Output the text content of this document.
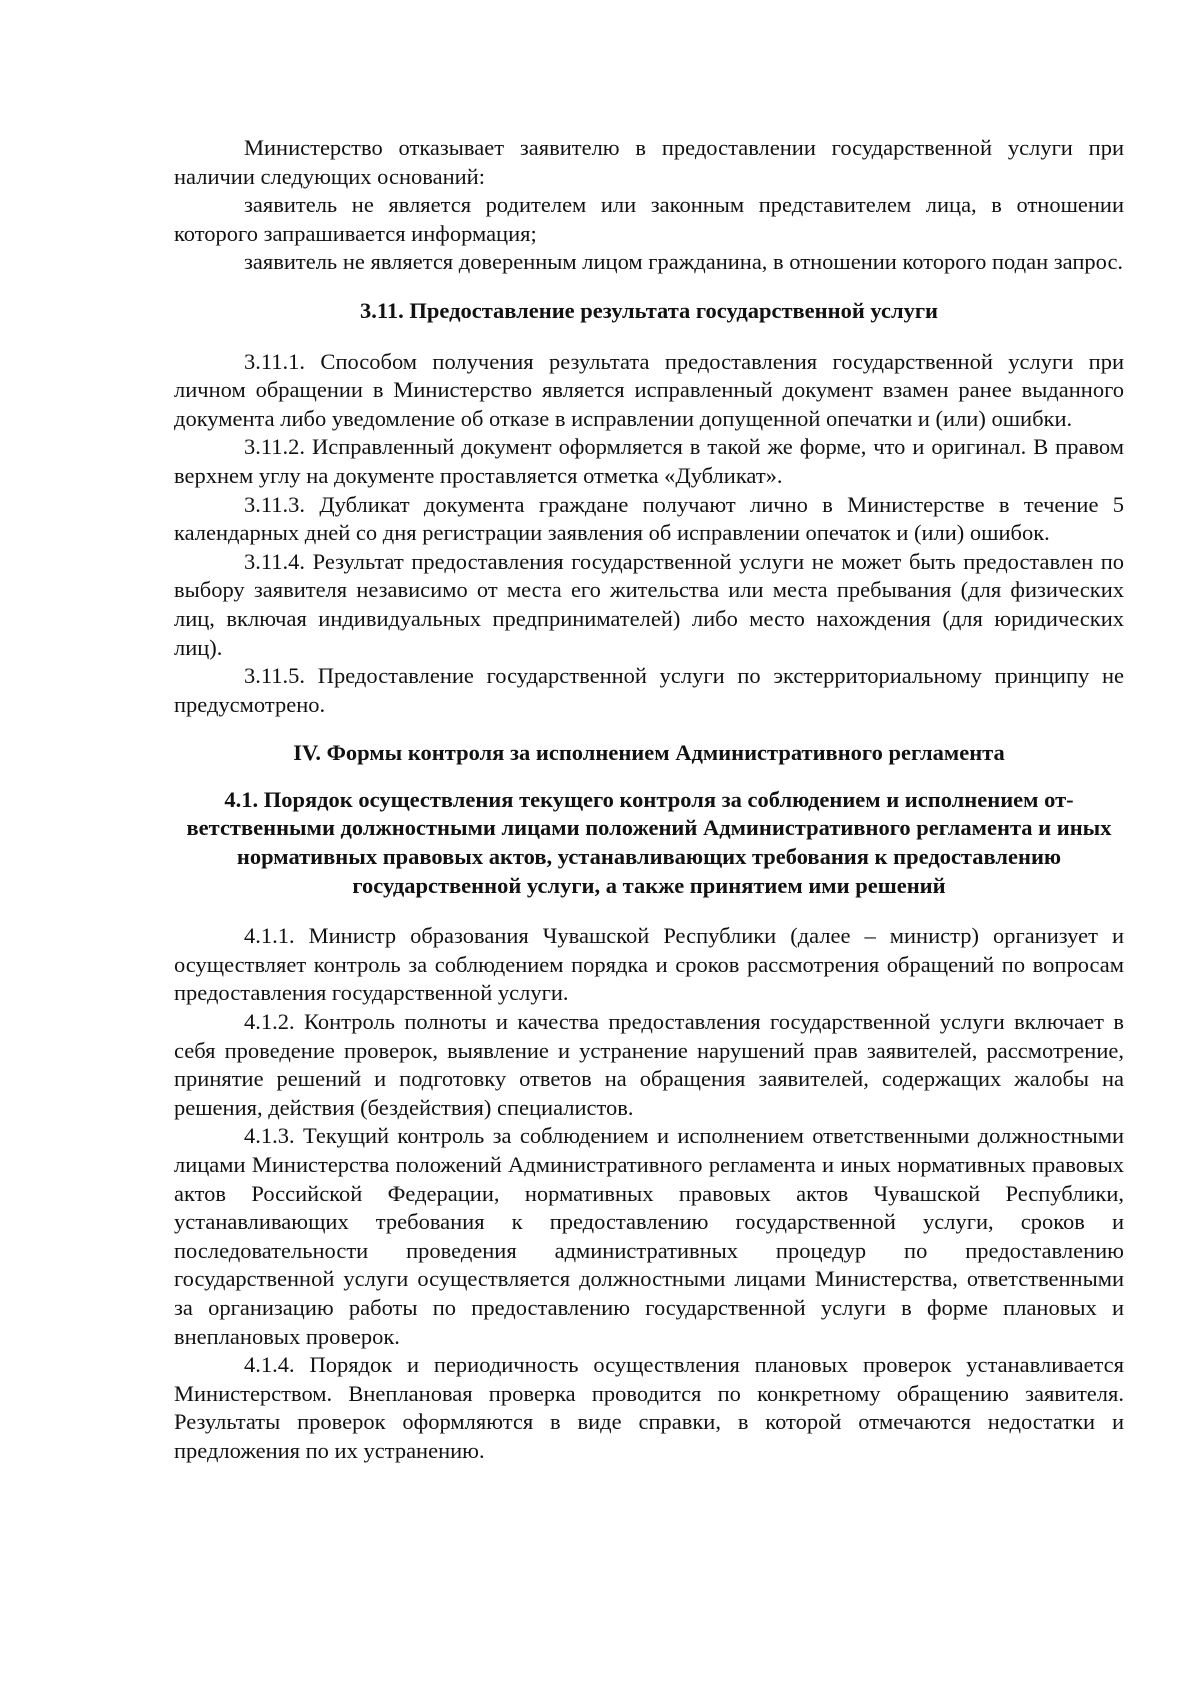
Министерство отказывает заявителю в предоставлении государственной услуги при наличии следующих оснований:

заявитель не является родителем или законным представителем лица, в отношении которого запрашивается информация;

заявитель не является доверенным лицом гражданина, в отношении которого подан запрос.

3.11. Предоставление результата государственной услуги

3.11.1. Способом получения результата предоставления государственной услуги при личном обращении в Министерство является исправленный документ взамен ранее выданного документа либо уведомление об отказе в исправлении допущенной опечатки и (или) ошибки.

3.11.2. Исправленный документ оформляется в такой же форме, что и оригинал. В правом верхнем углу на документе проставляется отметка «Дубликат».

3.11.3. Дубликат документа граждане получают лично в Министерстве в течение 5 календарных дней со дня регистрации заявления об исправлении опечаток и (или) ошибок.

3.11.4. Результат предоставления государственной услуги не может быть предоставлен по выбору заявителя независимо от места его жительства или места пребывания (для физических лиц, включая индивидуальных предпринимателей) либо место нахождения (для юридических лиц).

3.11.5. Предоставление государственной услуги по экстерриториальному принципу не предусмотрено.

IV. Формы контроля за исполнением Административного регламента
4.1. Порядок осуществления текущего контроля за соблюдением и исполнением ответственными должностными лицами положений Административного регламента и иных нормативных правовых актов, устанавливающих требования к предоставлению государственной услуги, а также принятием ими решений

4.1.1. Министр образования Чувашской Республики (далее – министр) организует и осуществляет контроль за соблюдением порядка и сроков рассмотрения обращений по вопросам предоставления государственной услуги.

4.1.2. Контроль полноты и качества предоставления государственной услуги включает в себя проведение проверок, выявление и устранение нарушений прав заявителей, рассмотрение, принятие решений и подготовку ответов на обращения заявителей, содержащих жалобы на решения, действия (бездействия) специалистов.

4.1.3. Текущий контроль за соблюдением и исполнением ответственными должностными лицами Министерства положений Административного регламента и иных нормативных правовых актов Российской Федерации, нормативных правовых актов Чувашской Республики, устанавливающих требования к предоставлению государственной услуги, сроков и последовательности проведения административных процедур по предоставлению государственной услуги осуществляется должностными лицами Министерства, ответственными за организацию работы по предоставлению государственной услуги в форме плановых и внеплановых проверок.

4.1.4. Порядок и периодичность осуществления плановых проверок устанавливается Министерством. Внеплановая проверка проводится по конкретному обращению заявителя. Результаты проверок оформляются в виде справки, в которой отмечаются недостатки и предложения по их устранению.
